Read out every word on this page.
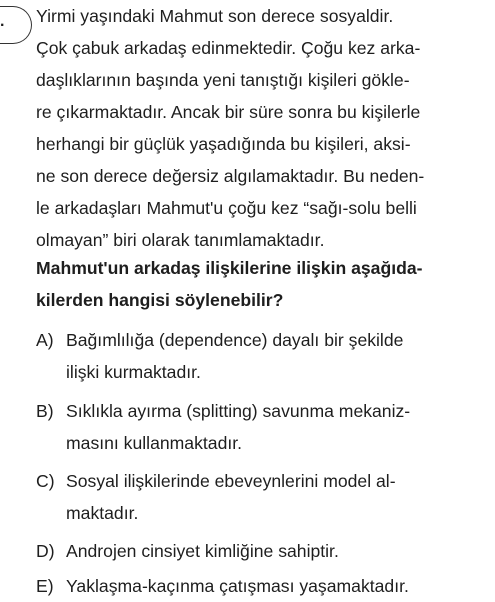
. Yirmi yaşındaki Mahmut son derece sosyaldir.
Çok çabuk arkadaş edinmektedir. Çoğu kez arka-
daşlıklarının başında yeni tanıştığı kişileri gökle-
re çıkarmaktadır. Ancak bir süre sonra bu kişilerle
herhangi bir güçlük yaşadığında bu kişileri, aksi-
ne son derece değersiz algılamaktadır. Bu neden-
le arkadaşları Mahmut'u çoğu kez “sağı-solu belli
olmayan” biri olarak tanımlamaktadır.
Mahmut'un arkadaş ilişkilerine ilişkin aşağıda-
kilerden hangisi söylenebilir?
A) Bağımlılığa (dependence) dayalı bir şekilde
ilişki kurmaktadır.
B) Sıklıkla ayırma (splitting) savunma mekaniz-
masını kullanmaktadır.
C) Sosyal ilişkilerinde ebeveynlerini model al-
maktadır.
D) Androjen cinsiyet kimliğine sahiptir.
E) Yaklaşma-kaçınma çatışması yaşamaktadır.
